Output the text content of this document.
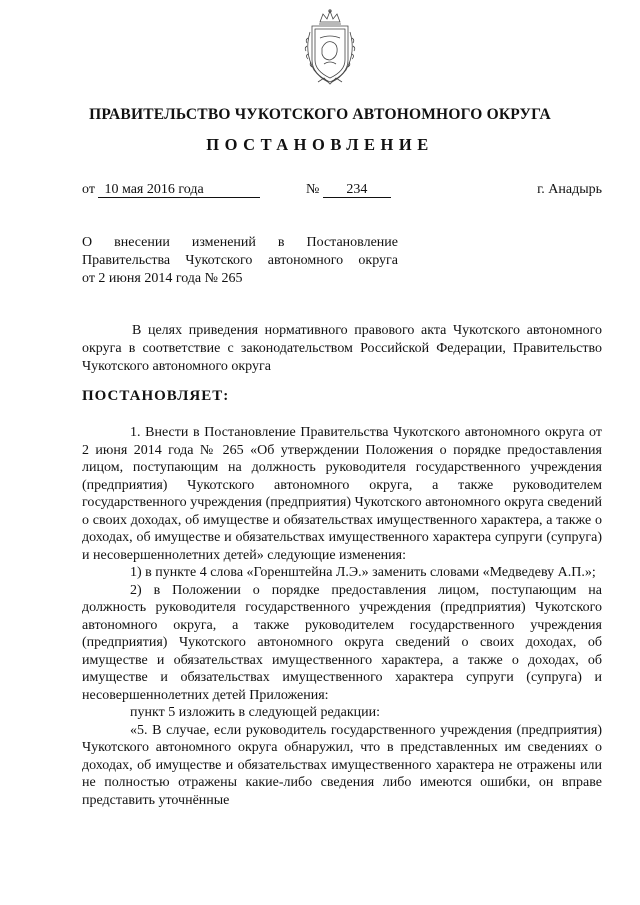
ПРАВИТЕЛЬСТВО ЧУКОТСКОГО АВТОНОМНОГО ОКРУГА
ПОСТАНОВЛЕНИЕ
от 10 мая 2016 года	№ 234	г. Анадырь
О внесении изменений в Постановление
Правительства Чукотского автономного округа
от 2 июня 2014 года № 265
В целях приведения нормативного правового акта Чукотского автономного округа в соответствие с законодательством Российской Федерации, Правительство Чукотского автономного округа
ПОСТАНОВЛЯЕТ:

1. Внести в Постановление Правительства Чукотского автономного округа от 2 июня 2014 года № 265 «Об утверждении Положения о порядке предоставления лицом, поступающим на должность руководителя государственного учреждения (предприятия) Чукотского автономного округа, а также руководителем государственного учреждения (предприятия) Чукотского автономного округа сведений о своих доходах, об имуществе и обязательствах имущественного характера, а также о доходах, об имуществе и обязательствах имущественного характера супруги (супруга) и несовершеннолетних детей» следующие изменения:

1) в пункте 4 слова «Горенштейна Л.Э.» заменить словами «Медведеву А.П.»;

2) в Положении о порядке предоставления лицом, поступающим на должность руководителя государственного учреждения (предприятия) Чукотского автономного округа, а также руководителем государственного учреждения (предприятия) Чукотского автономного округа сведений о своих доходах, об имуществе и обязательствах имущественного характера, а также о доходах, об имуществе и обязательствах имущественного характера супруги (супруга) и несовершеннолетних детей Приложения:

пункт 5 изложить в следующей редакции:

«5. В случае, если руководитель государственного учреждения (предприятия) Чукотского автономного округа обнаружил, что в представленных им сведениях о доходах, об имуществе и обязательствах имущественного характера не отражены или не полностью отражены какие-либо сведения либо имеются ошибки, он вправе представить уточнённые
